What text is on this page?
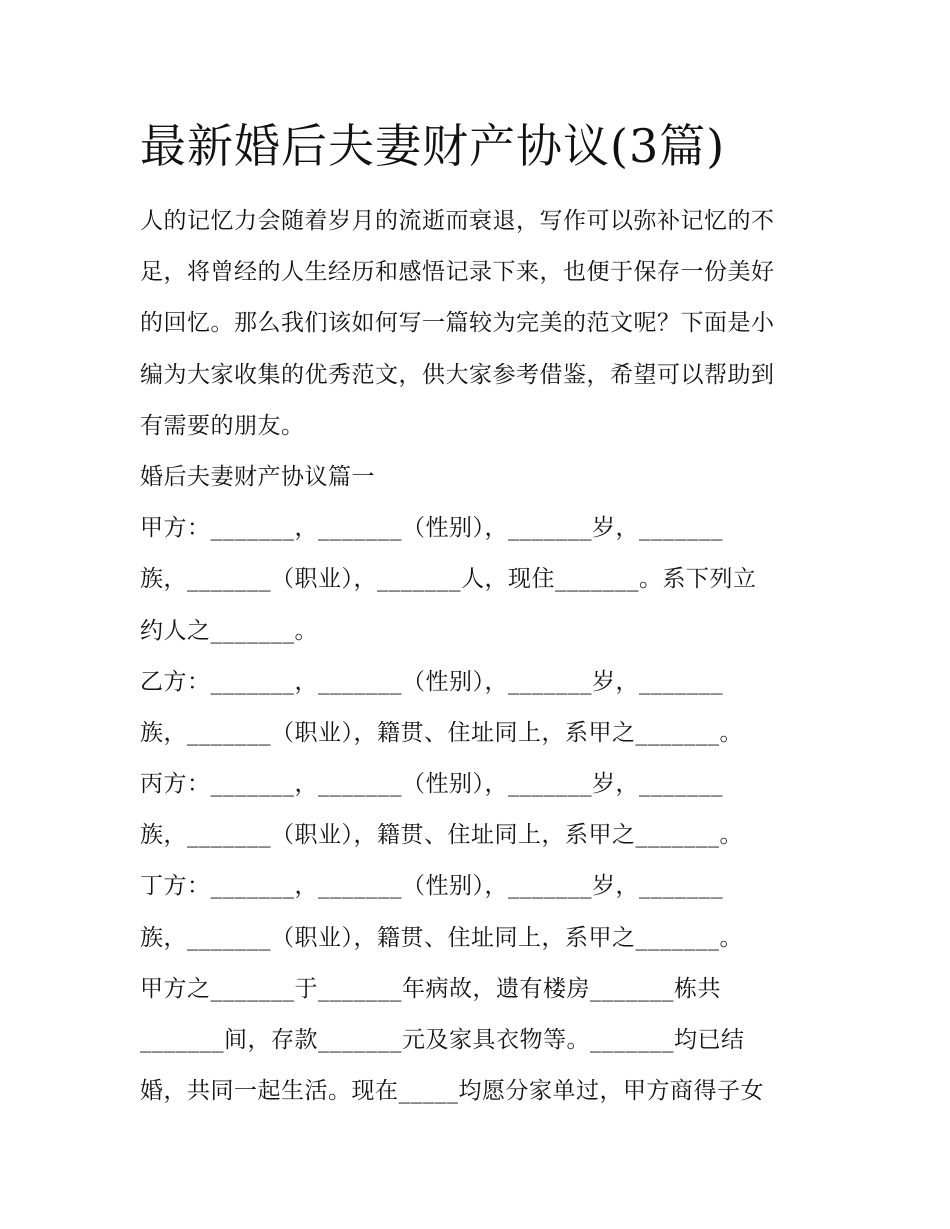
最新婚后夫妻财产协议(3篇)
人的记忆力会随着岁月的流逝而衰退，写作可以弥补记忆的不
足，将曾经的人生经历和感悟记录下来，也便于保存一份美好
的回忆。那么我们该如何写一篇较为完美的范文呢？下面是小
编为大家收集的优秀范文，供大家参考借鉴，希望可以帮助到
有需要的朋友。
婚后夫妻财产协议篇一
甲方：_______，_______（性别），_______岁，_______
族，_______（职业），_______人，现住_______。系下列立
约人之_______。
乙方：_______，_______（性别），_______岁，_______
族，_______（职业），籍贯、住址同上，系甲之_______。
丙方：_______，_______（性别），_______岁，_______
族，_______（职业），籍贯、住址同上，系甲之_______。
丁方：_______，_______（性别），_______岁，_______
族，_______（职业），籍贯、住址同上，系甲之_______。
甲方之_______于_______年病故，遗有楼房_______栋共
_______间，存款_______元及家具衣物等。_______均已结
婚，共同一起生活。现在_____均愿分家单过，甲方商得子女
